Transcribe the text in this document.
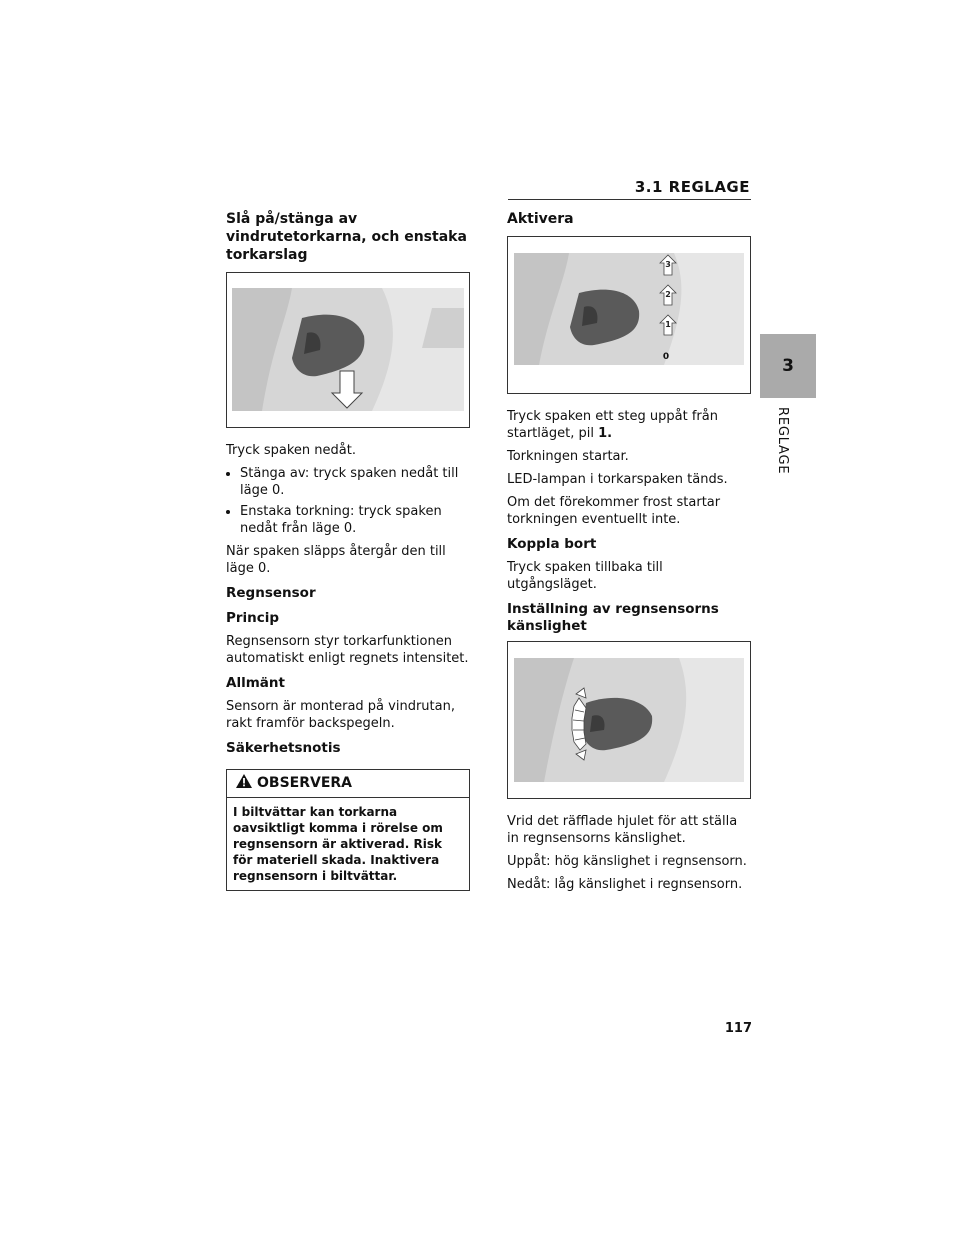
3.1 REGLAGE
3
REGLAGE
Slå på/stänga av vindrutetorkarna, och enstaka torkarslag

Tryck spaken nedåt.

• Stänga av: tryck spaken nedåt till läge 0.
• Enstaka torkning: tryck spaken nedåt från läge 0.

När spaken släpps återgår den till läge 0.

Regnsensor
Princip

Regnsensorn styr torkarfunktionen automatiskt enligt regnets intensitet.

Allmänt

Sensorn är monterad på vindrutan, rakt framför backspegeln.

Säkerhetsnotis
OBSERVERA
I biltvättar kan torkarna oavsiktligt komma i rörelse om regnsensorn är aktiverad. Risk för materiell skada. Inaktivera regnsensorn i biltvättar.
Aktivera
3
2
1
0

Tryck spaken ett steg uppåt från startläget, pil 1.

Torkningen startar.

LED-lampan i torkarspaken tänds.

Om det förekommer frost startar torkningen eventuellt inte.

Koppla bort

Tryck spaken tillbaka till utgångsläget.

Inställning av regnsensorns känslighet

Vrid det räfflade hjulet för att ställa in regnsensorns känslighet.

Uppåt: hög känslighet i regnsensorn.

Nedåt: låg känslighet i regnsensorn.

117
